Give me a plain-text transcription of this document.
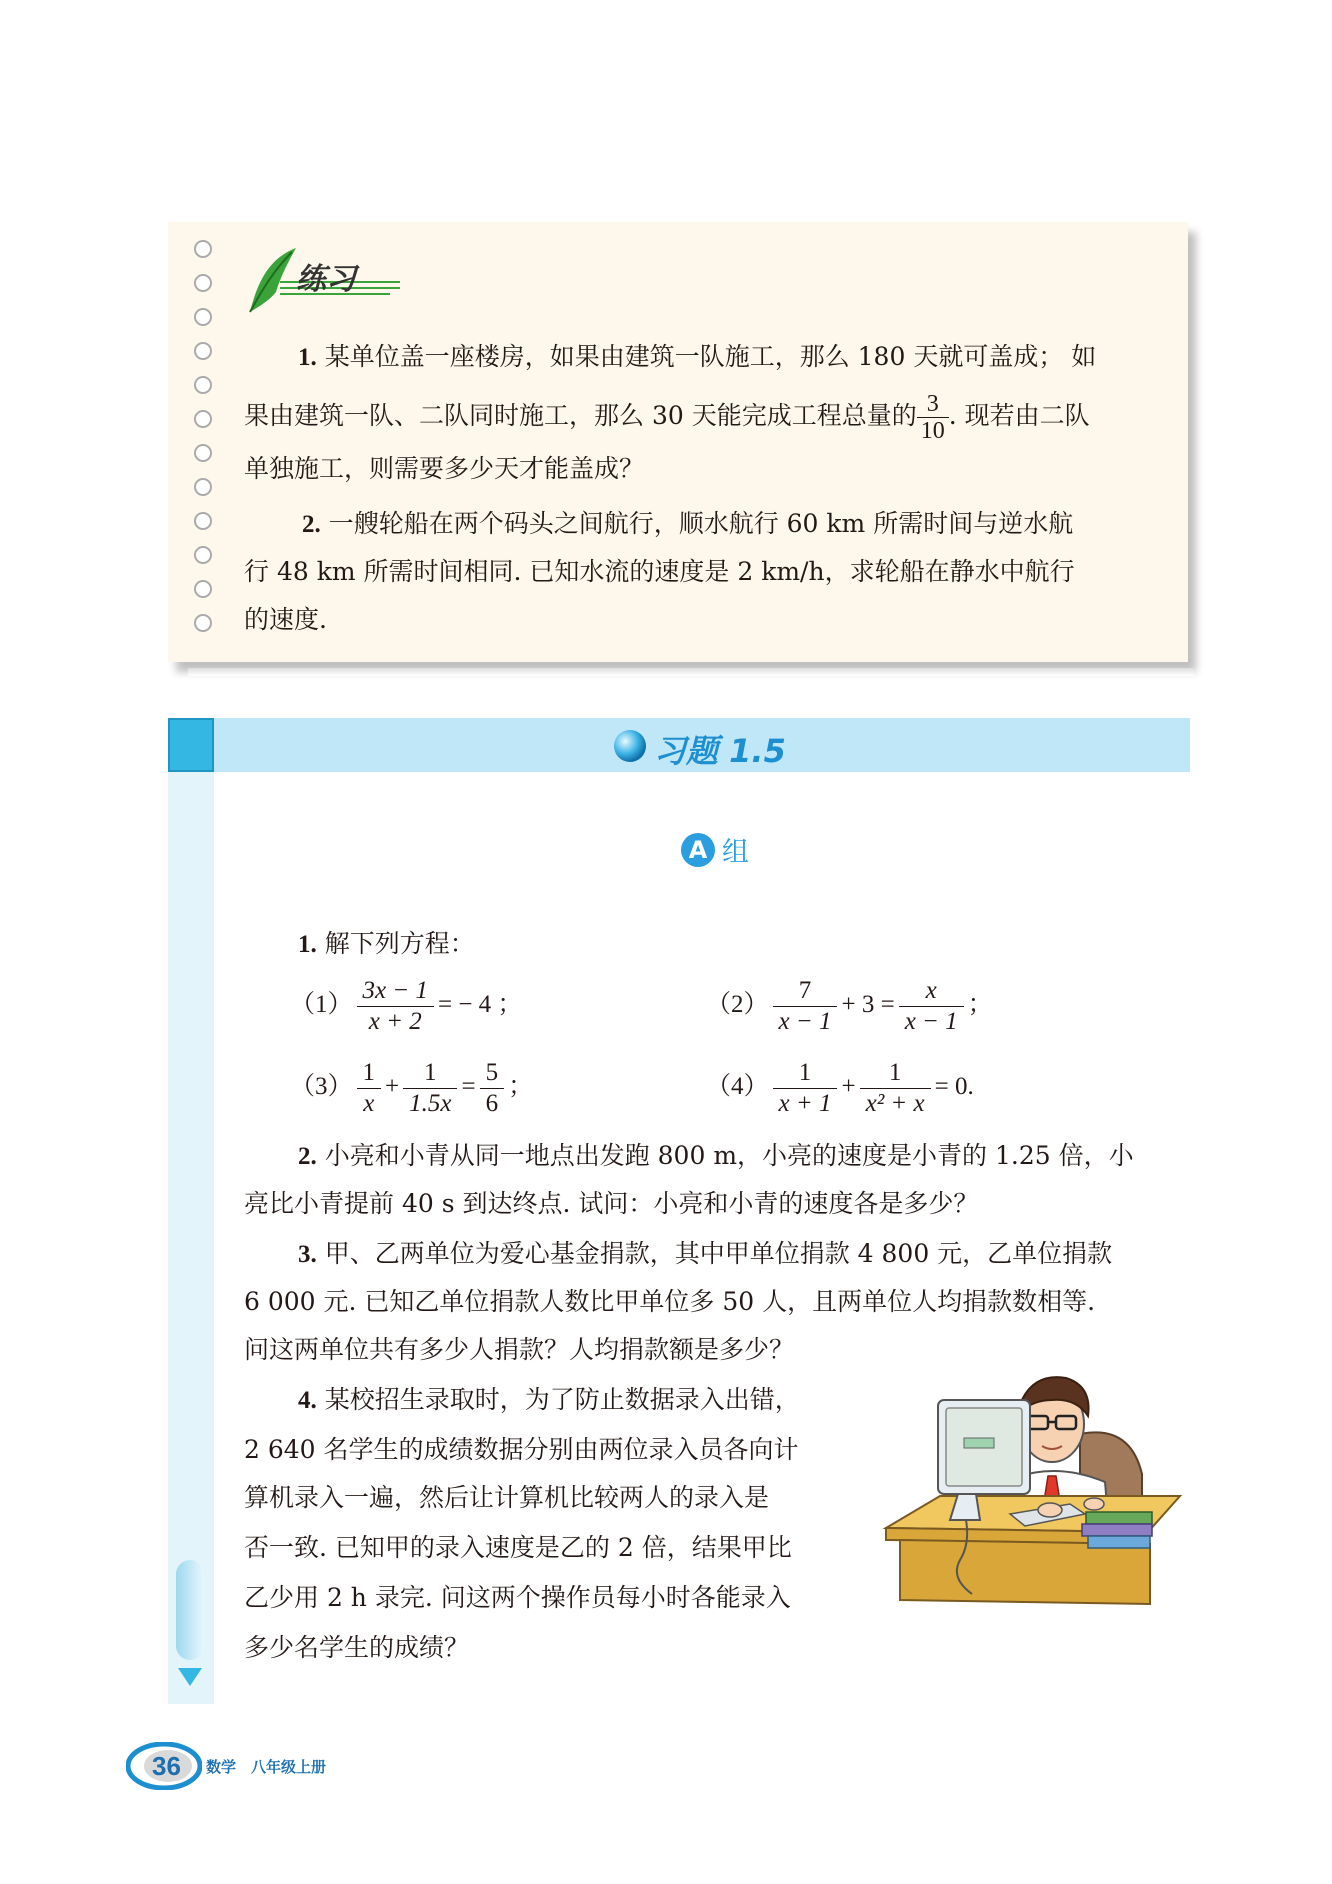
练习
1. 某单位盖一座楼房，如果由建筑一队施工，那么 180 天就可盖成； 如
果由建筑一队、二队同时施工，那么 30 天能完成工程总量的 $\frac{3}{10}$ . 现若由二队
单独施工，则需要多少天才能盖成？
2. 一艘轮船在两个码头之间航行，顺水航行 60 km 所需时间与逆水航
行 48 km 所需时间相同. 已知水流的速度是 2 km/h，求轮船在静水中航行
的速度.
习题 1.5
A 组
1. 解下列方程：
$(1) \frac{3x - 1}{x + 2}$ = − 4 ；	$(2) \frac{7}{x - 1} + 3 = \frac{x}{x - 1}$ ；
$(3) \frac{1}{x} + \frac{1}{1.5x} = \frac{5}{6}$ ；	$(4) \frac{1}{x + 1} + \frac{1}{\text{x² + x}} = 0$.
2. 小亮和小青从同一地点出发跑 800 m，小亮的速度是小青的 1.25 倍，小
亮比小青提前 40 s 到达终点. 试问：小亮和小青的速度各是多少？
3. 甲、乙两单位为爱心基金捐款，其中甲单位捐款 4 800 元，乙单位捐款
6 000 元. 已知乙单位捐款人数比甲单位多 50 人，且两单位人均捐款数相等.
问这两单位共有多少人捐款？人均捐款额是多少？
4. 某校招生录取时，为了防止数据录入出错，
2 640 名学生的成绩数据分别由两位录入员各向计
算机录入一遍，然后让计算机比较两人的录入是
否一致. 已知甲的录入速度是乙的 2 倍，结果甲比
乙少用 2 h 录完. 问这两个操作员每小时各能录入
多少名学生的成绩？
36 数学　八年级上册
